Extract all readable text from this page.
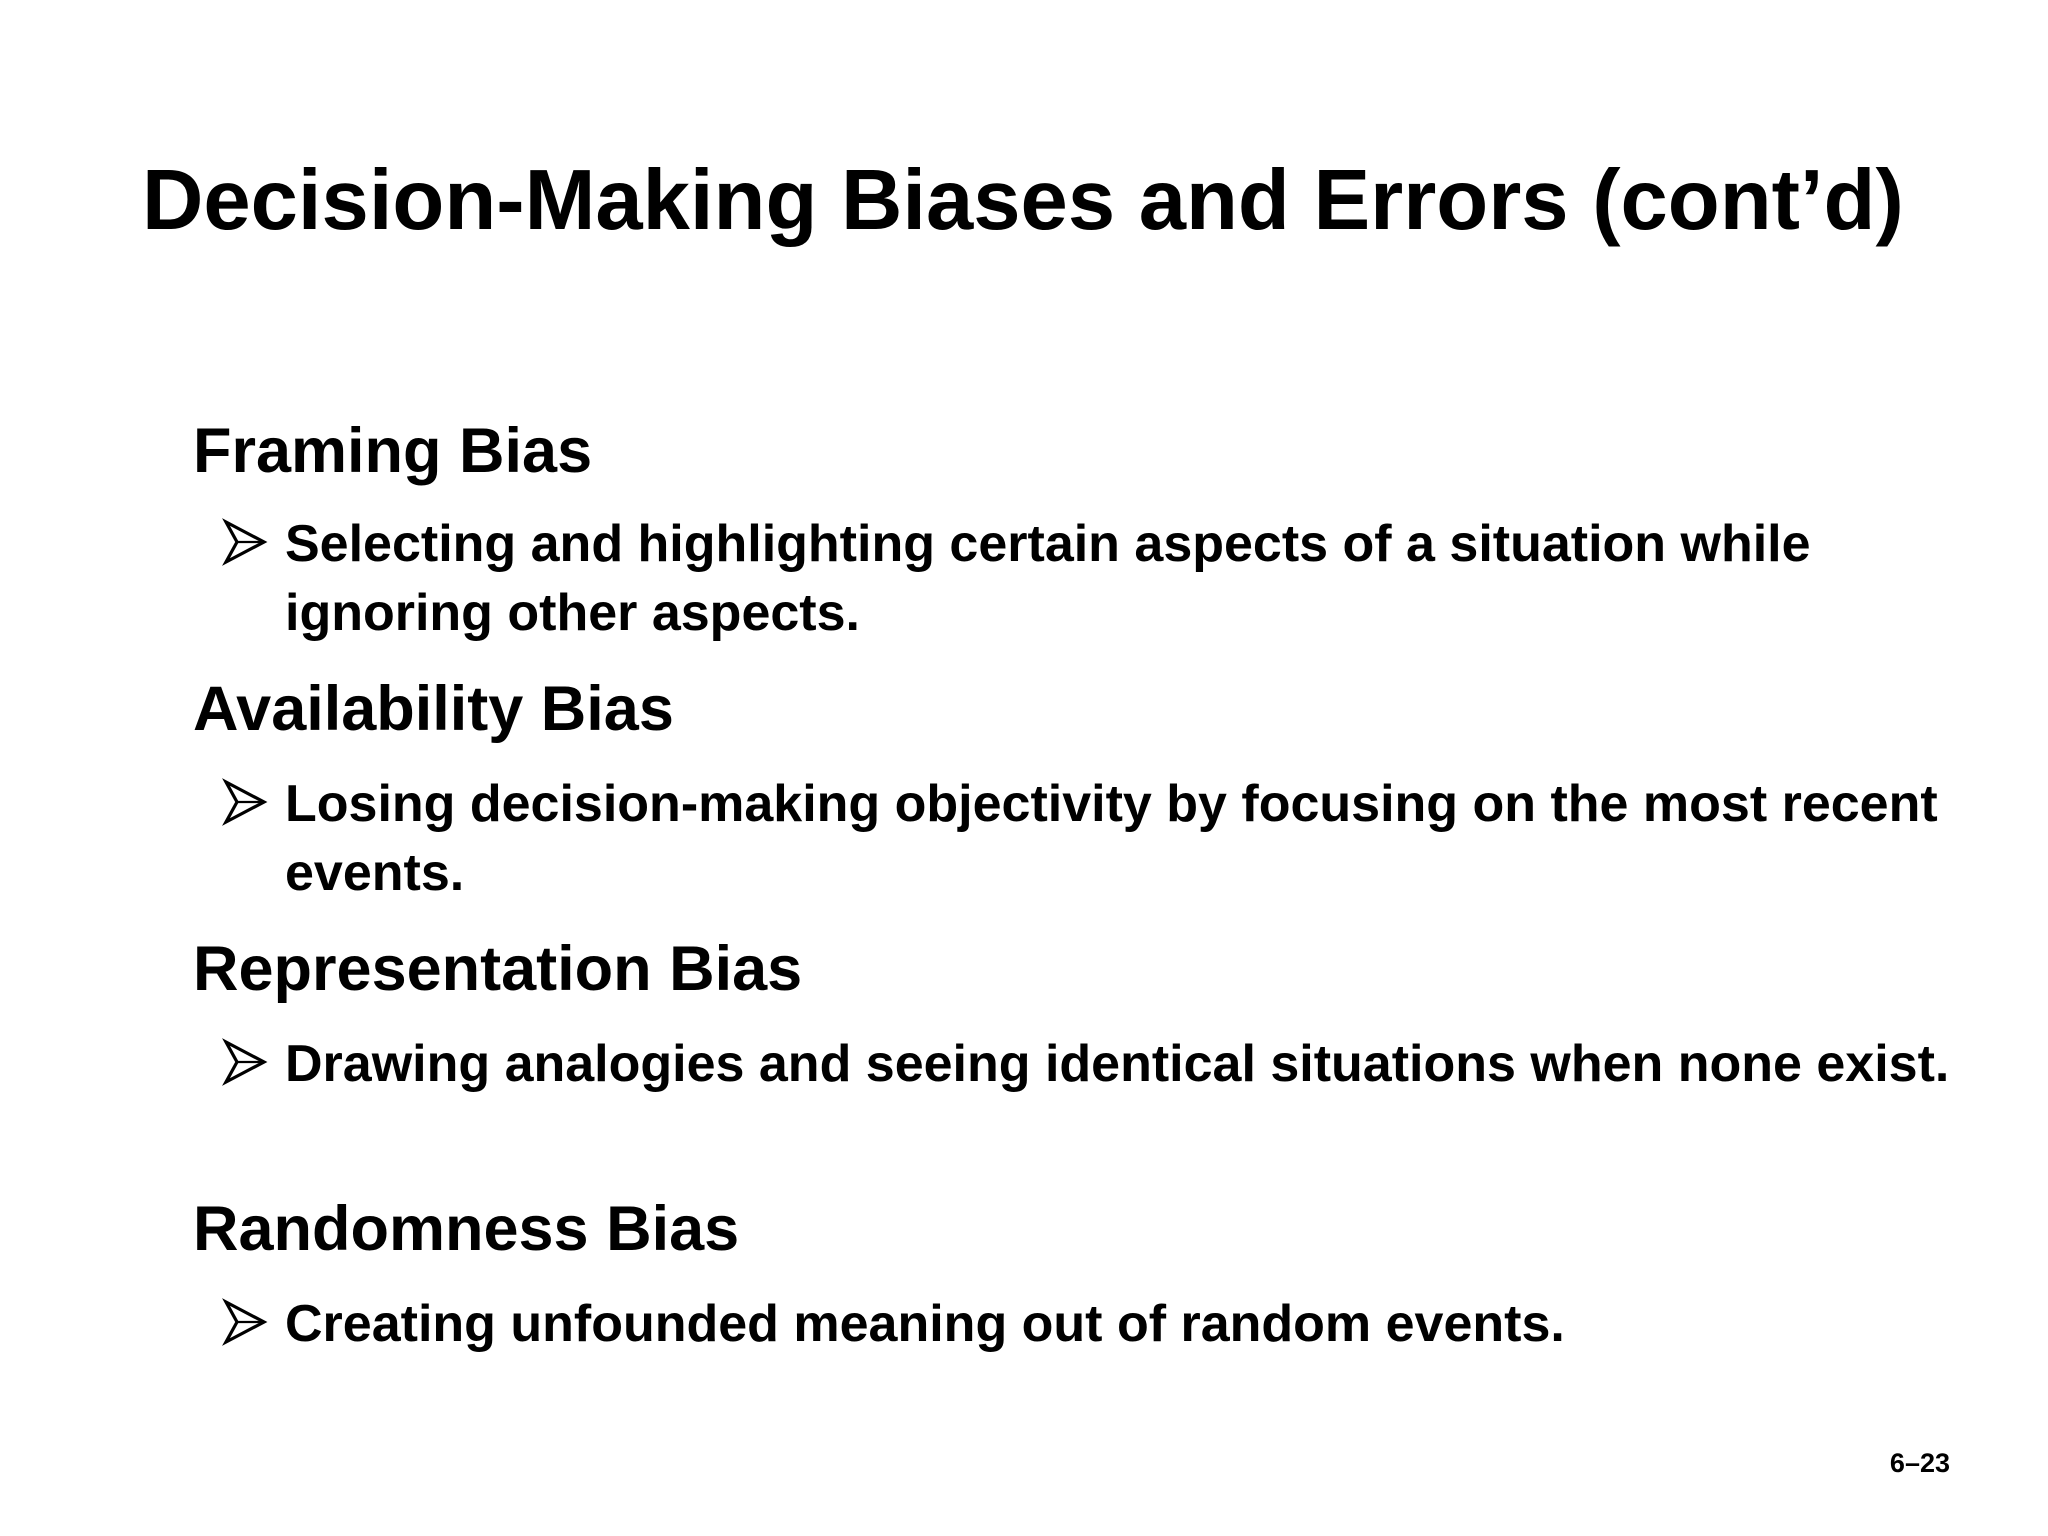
Decision-Making Biases and Errors (cont’d)
Framing Bias

Selecting and highlighting certain aspects of a situation while ignoring other aspects.

Availability Bias

Losing decision-making objectivity by focusing on the most recent events.

Representation Bias

Drawing analogies and seeing identical situations when none exist.

Randomness Bias

Creating unfounded meaning out of random events.

6–23
